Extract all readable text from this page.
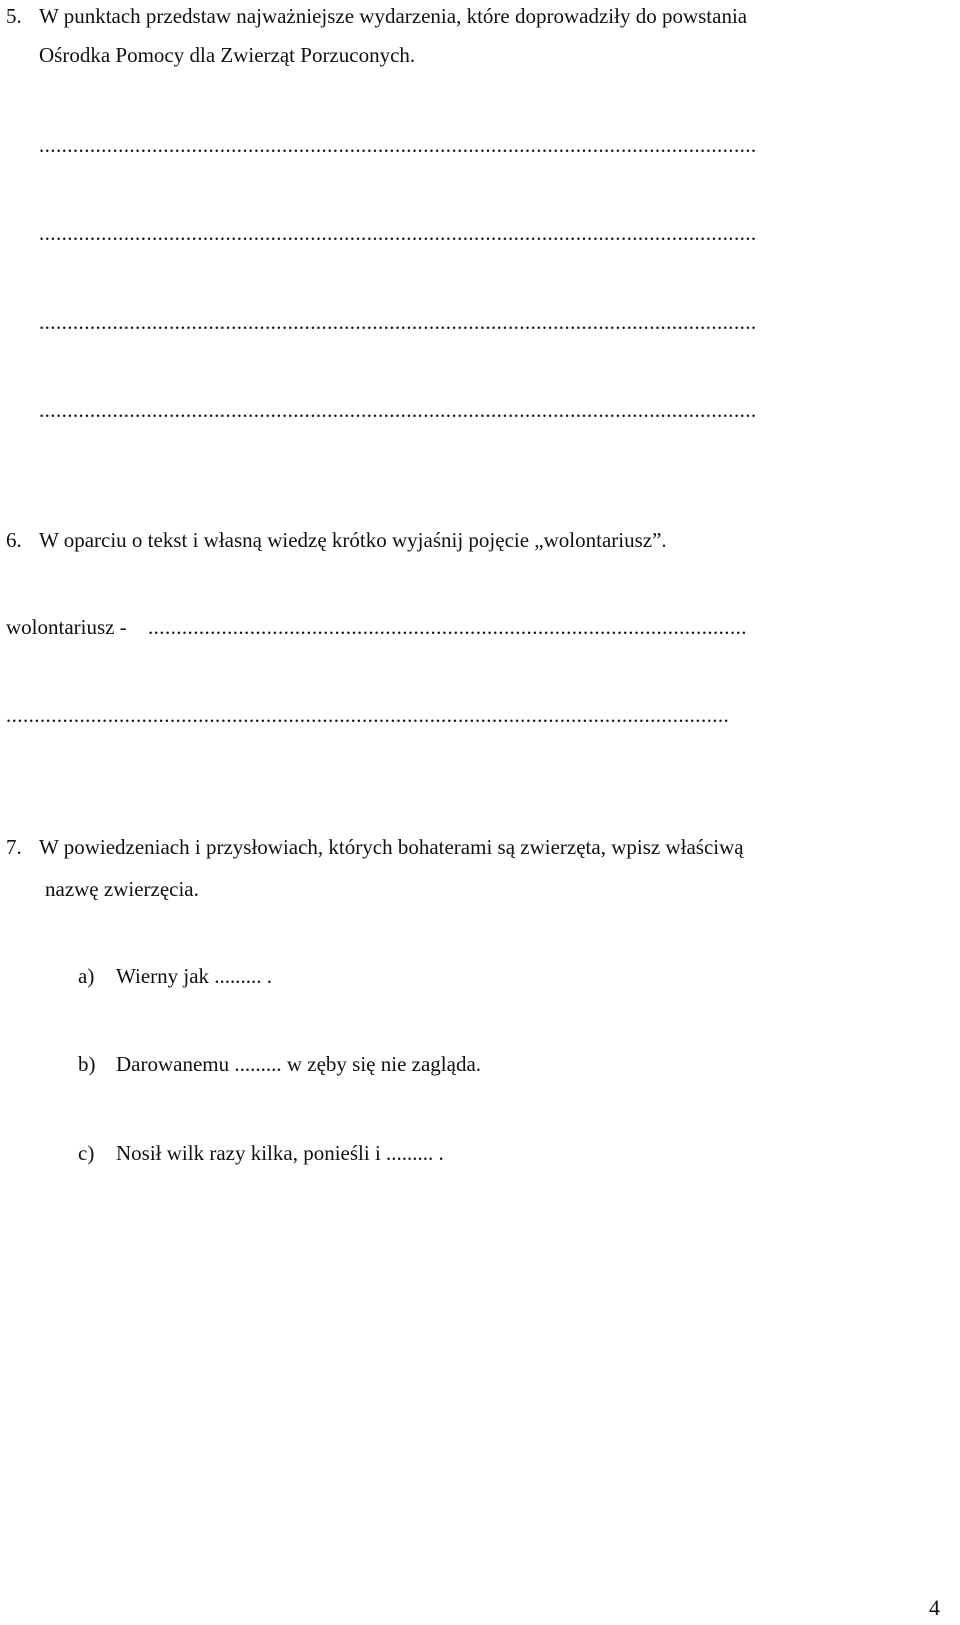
5. W punktach przedstaw najważniejsze wydarzenia, które doprowadziły do powstania
Ośrodka Pomocy dla Zwierząt Porzuconych.
...............................................................................................................................
...............................................................................................................................
...............................................................................................................................
...............................................................................................................................
6. W oparciu o tekst i własną wiedzę krótko wyjaśnij pojęcie „wolontariusz”.
wolontariusz - ..........................................................................................................
................................................................................................................................
7. W powiedzeniach i przysłowiach, których bohaterami są zwierzęta, wpisz właściwą
nazwę zwierzęcia.
a) Wierny jak ......... .
b) Darowanemu ......... w zęby się nie zagląda.
c) Nosił wilk razy kilka, ponieśli i ......... .
4
